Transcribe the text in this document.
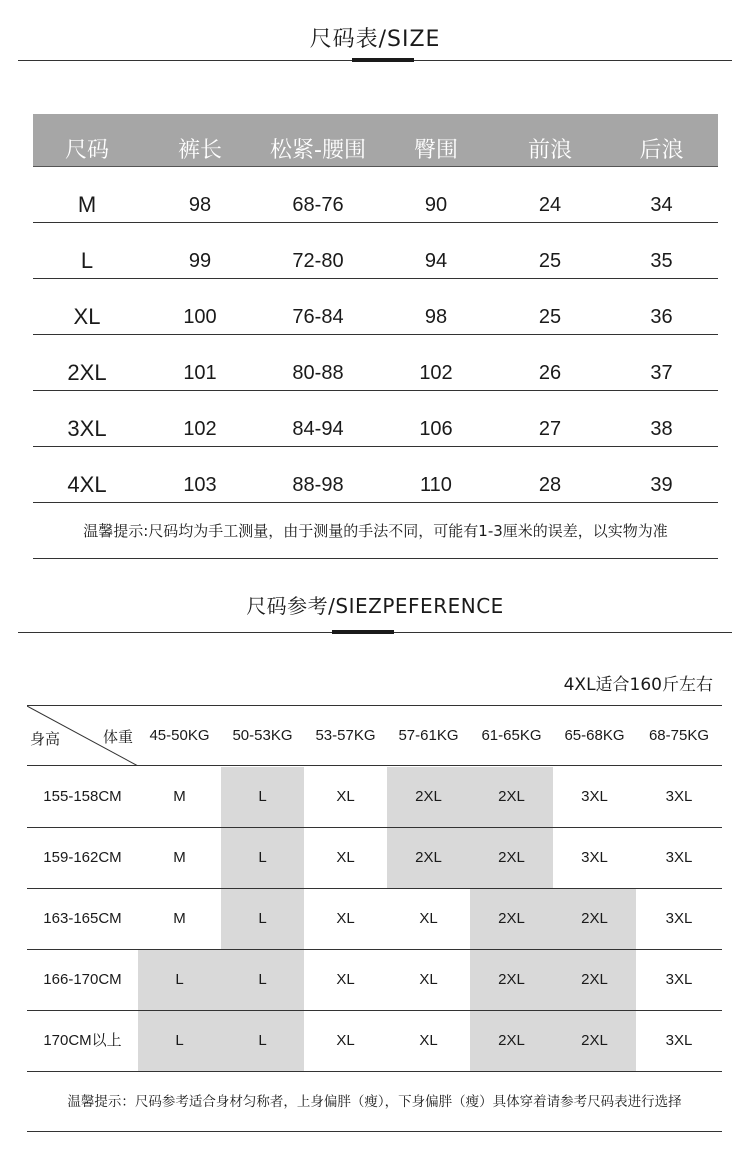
尺码表/SIZE
尺码	裤长	松紧-腰围	臀围	前浪	后浪
M	98	68-76	90	24	34
L	99	72-80	94	25	35
XL	100	76-84	98	25	36
2XL	101	80-88	102	26	37
3XL	102	84-94	106	27	38
4XL	103	88-98	110	28	39
温馨提示:尺码均为手工测量，由于测量的手法不同，可能有1-3厘米的误差，以实物为准
尺码参考/SIEZPEFERENCE
4XL适合160斤左右
身高	体重	45-50KG	50-53KG	53-57KG	57-61KG	61-65KG	65-68KG	68-75KG
155-158CM	M	L	XL	2XL	2XL	3XL	3XL
159-162CM	M	L	XL	2XL	2XL	3XL	3XL
163-165CM	M	L	XL	XL	2XL	2XL	3XL
166-170CM	L	L	XL	XL	2XL	2XL	3XL
170CM以上	L	L	XL	XL	2XL	2XL	3XL
温馨提示：尺码参考适合身材匀称者，上身偏胖（瘦），下身偏胖（瘦）具体穿着请参考尺码表进行选择
